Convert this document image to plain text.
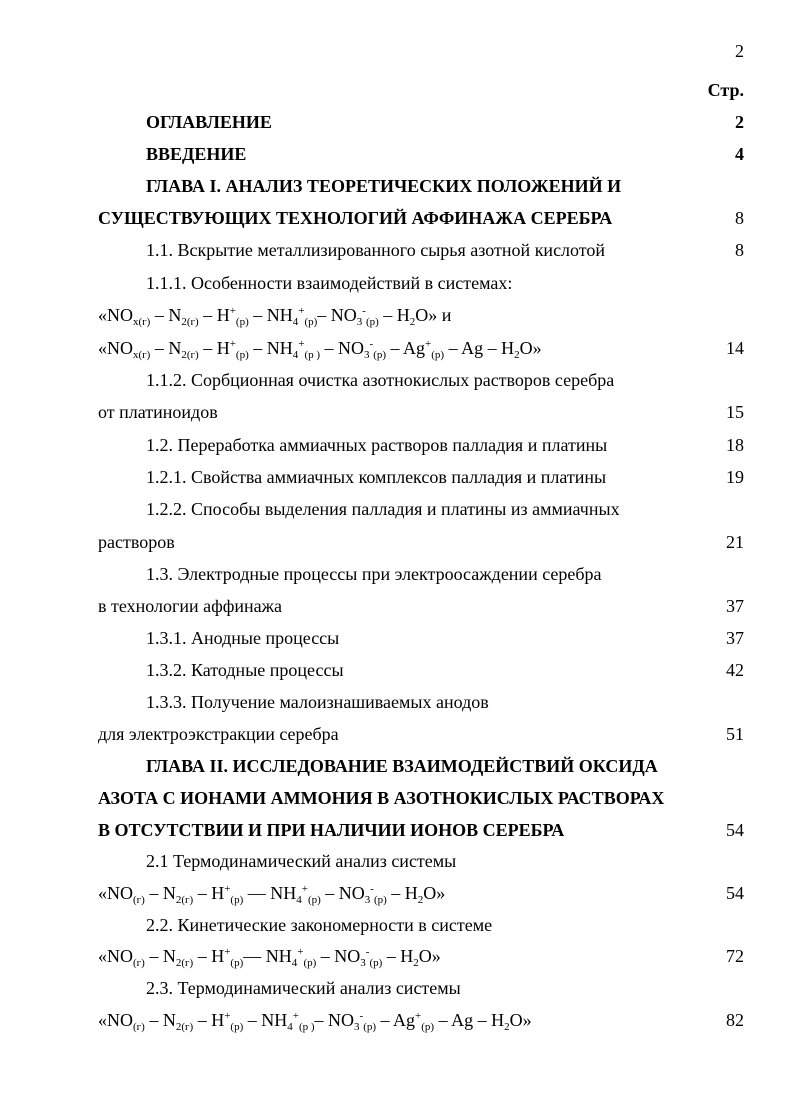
2
Стр.
ОГЛАВЛЕНИЕ	2
ВВЕДЕНИЕ	4
ГЛАВА I. АНАЛИЗ ТЕОРЕТИЧЕСКИХ ПОЛОЖЕНИЙ И
СУЩЕСТВУЮЩИХ ТЕХНОЛОГИЙ АФФИНАЖА СЕРЕБРА	8
1.1. Вскрытие металлизированного сырья азотной кислотой	8
1.1.1. Особенности взаимодействий в системах:
«$NO_{x(г)} - N_{2(г)} - H^+_{(р)} - NH_4^+_{(р)}-$ $NO_3^-_{(р)} - H_2O$» и
«$NO_{x(г)} - N_{2(г)} - H^+_{(р)} - NH_4^+_{(р )} - NO_3^-_{(р)} - Ag^+_{(р)}$ – Ag – $H_2O$»	14
1.1.2. Сорбционная очистка азотнокислых растворов серебра
от платиноидов	15
1.2. Переработка аммиачных растворов палладия и платины	18
1.2.1. Свойства аммиачных комплексов палладия и платины	19
1.2.2. Способы выделения палладия и платины из аммиачных
растворов	21
1.3. Электродные процессы при электроосаждении серебра
в технологии аффинажа	37
1.3.1. Анодные процессы	37
1.3.2. Катодные процессы	42
1.3.3. Получение малоизнашиваемых анодов
для электроэкстракции серебра	51
ГЛАВА II. ИССЛЕДОВАНИЕ ВЗАИМОДЕЙСТВИЙ ОКСИДА
АЗОТА С ИОНАМИ АММОНИЯ В АЗОТНОКИСЛЫХ РАСТВОРАХ
В ОТСУТСТВИИ И ПРИ НАЛИЧИИ ИОНОВ СЕРЕБРА	54
2.1 Термодинамический анализ системы
«$NO_{(г)} - N_{2(г)} - H^+_{(р)}$ — $NH_4^+_{(р)} - NO_3^-_{(р)} - H_2O$»	54
2.2. Кинетические закономерности в системе
«$NO_{(г)} - N_{2(г)}$ – $H^+_{(р)}—$ $NH_4^+_{(р)} - NO_3^-_{(р)} - H_2O$»	72
2.3. Термодинамический анализ системы
«$NO_{(г)} - N_{2(г)} - H^+_{(р)} - NH_4^+_{(р )}-$ $NO_3^-_{(р)} - Ag^+_{(р)}$ – Ag – $H_2O$»	82
